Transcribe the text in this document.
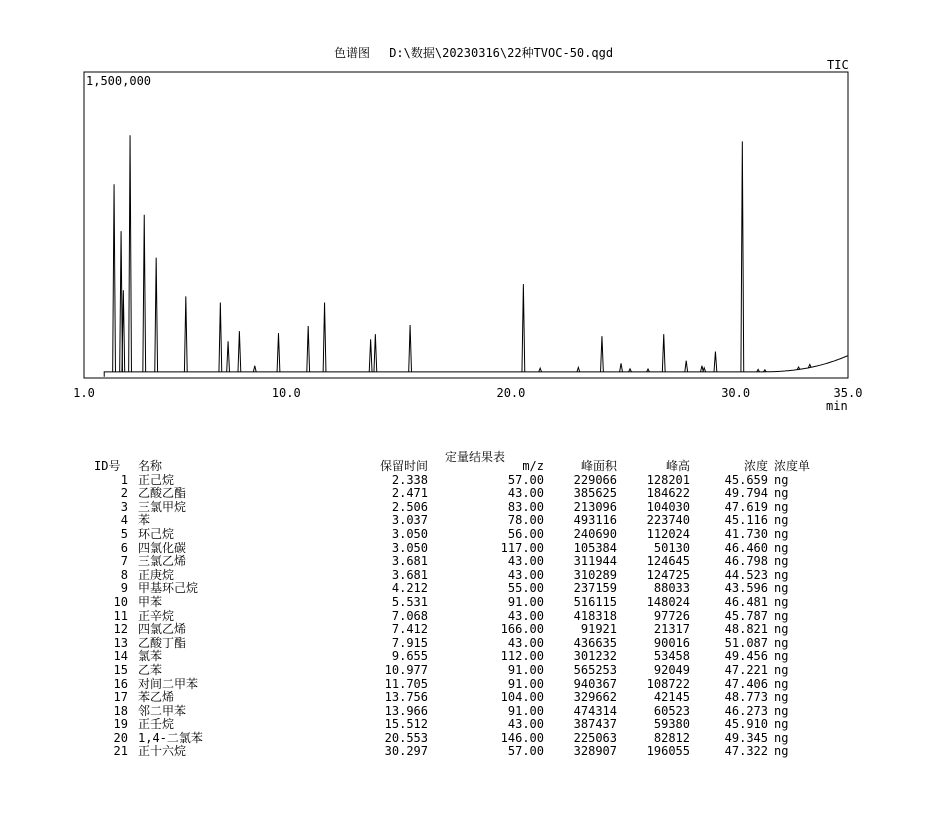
色谱图 D:\数据\20230316\22种TVOC-50.qgd
TIC
1,500,000
1.0	10.0	20.0	30.0	35.0
min
定量结果表
ID号	名称	保留时间	m/z	峰面积	峰高	浓度	浓度单
1	正己烷	2.338	57.00	229066	128201	45.659	ng
2	乙酸乙酯	2.471	43.00	385625	184622	49.794	ng
3	三氯甲烷	2.506	83.00	213096	104030	47.619	ng
4	苯	3.037	78.00	493116	223740	45.116	ng
5	环己烷	3.050	56.00	240690	112024	41.730	ng
6	四氯化碳	3.050	117.00	105384	50130	46.460	ng
7	三氯乙烯	3.681	43.00	311944	124645	46.798	ng
8	正庚烷	3.681	43.00	310289	124725	44.523	ng
9	甲基环己烷	4.212	55.00	237159	88033	43.596	ng
10	甲苯	5.531	91.00	516115	148024	46.481	ng
11	正辛烷	7.068	43.00	418318	97726	45.787	ng
12	四氯乙烯	7.412	166.00	91921	21317	48.821	ng
13	乙酸丁酯	7.915	43.00	436635	90016	51.087	ng
14	氯苯	9.655	112.00	301232	53458	49.456	ng
15	乙苯	10.977	91.00	565253	92049	47.221	ng
16	对间二甲苯	11.705	91.00	940367	108722	47.406	ng
17	苯乙烯	13.756	104.00	329662	42145	48.773	ng
18	邻二甲苯	13.966	91.00	474314	60523	46.273	ng
19	正壬烷	15.512	43.00	387437	59380	45.910	ng
20	1,4-二氯苯	20.553	146.00	225063	82812	49.345	ng
21	正十六烷	30.297	57.00	328907	196055	47.322	ng
